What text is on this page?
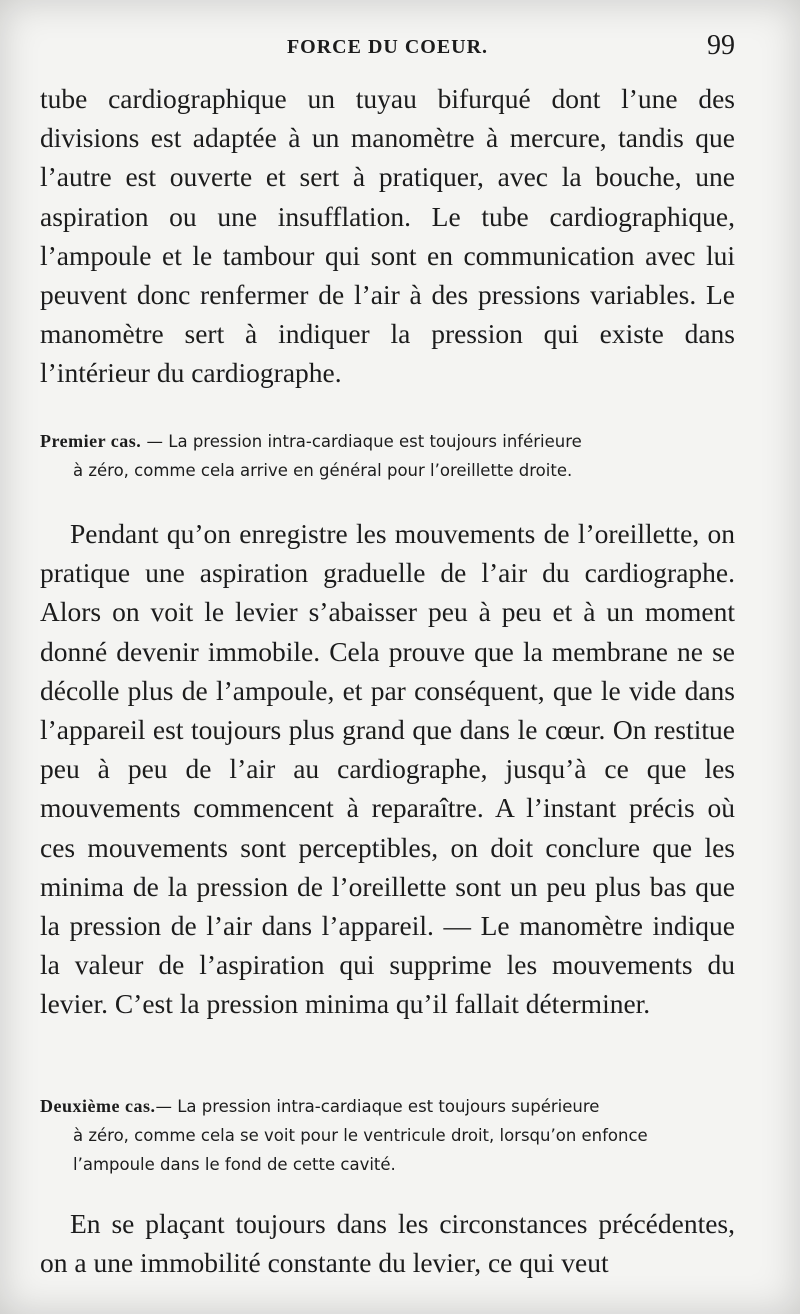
FORCE DU COEUR.	99

tube cardiographique un tuyau bifurqué dont l’une des divisions est adaptée à un manomètre à mercure, tandis que l’autre est ouverte et sert à pratiquer, avec la bouche, une aspiration ou une insufflation. Le tube cardiographique, l’ampoule et le tambour qui sont en communication avec lui peuvent donc renfermer de l’air à des pressions variables. Le manomètre sert à indiquer la pression qui existe dans l’intérieur du cardiographe.

Premier cas. — La pression intra-cardiaque est toujours inférieure

à zéro, comme cela arrive en général pour l’oreillette droite.

Pendant qu’on enregistre les mouvements de l’oreillette, on pratique une aspiration graduelle de l’air du cardiographe. Alors on voit le levier s’abaisser peu à peu et à un moment donné devenir immobile. Cela prouve que la membrane ne se décolle plus de l’ampoule, et par conséquent, que le vide dans l’appareil est toujours plus grand que dans le cœur. On restitue peu à peu de l’air au cardiographe, jusqu’à ce que les mouvements commencent à reparaître. A l’instant précis où ces mouvements sont perceptibles, on doit conclure que les minima de la pression de l’oreillette sont un peu plus bas que la pression de l’air dans l’appareil. — Le manomètre indique la valeur de l’aspiration qui supprime les mouvements du levier. C’est la pression minima qu’il fallait déterminer.

Deuxième cas.— La pression intra-cardiaque est toujours supérieure

à zéro, comme cela se voit pour le ventricule droit, lorsqu’on enfonce

l’ampoule dans le fond de cette cavité.

En se plaçant toujours dans les circonstances précédentes, on a une immobilité constante du levier, ce qui veut
